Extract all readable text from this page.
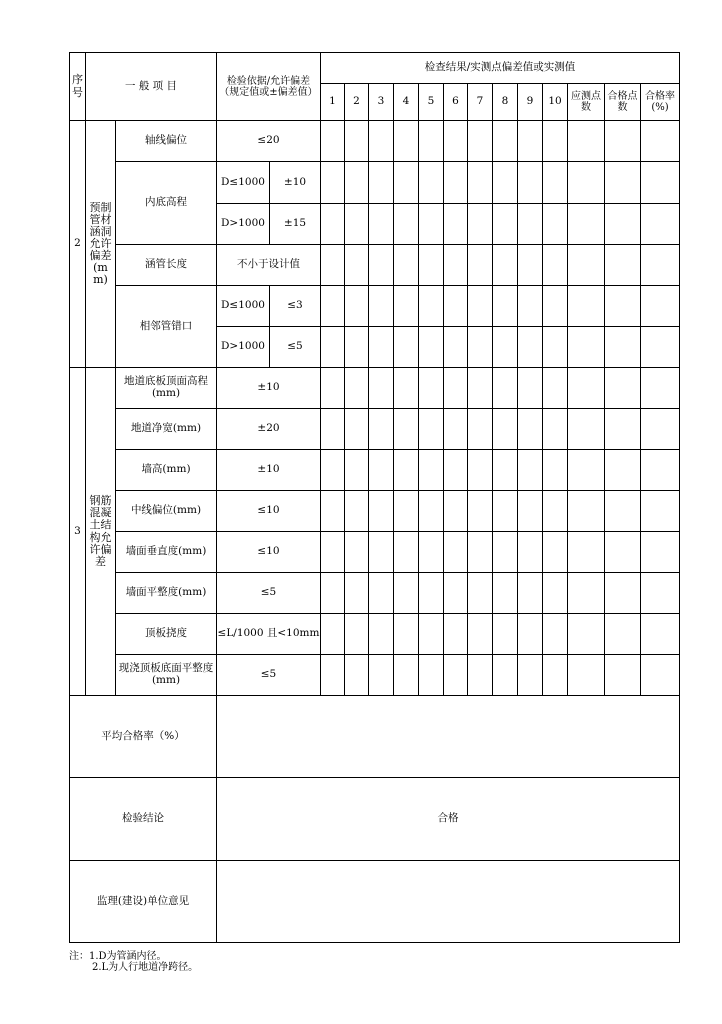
序号	一 般 项 目		检验依据/允许偏差（规定值或±偏差值）		检查结果/实测点偏差值或实测值												
					1	2	3	4	5	6	7	8	9	10	应测点数	合格点数	合格率(%)
2	预制管材涵洞允许偏差(mm)	轴线偏位	≤20														
		内底高程	D≤1000	±10													
			D>1000	±15													
		涵管长度	不小于设计值														
		相邻管错口	D≤1000	≤3													
			D>1000	≤5													
3	钢筋混凝土结构允许偏差	地道底板顶面高程(mm)	±10														
		地道净宽(mm)	±20														
		墙高(mm)	±10														
		中线偏位(mm)	≤10														
		墙面垂直度(mm)	≤10														
		墙面平整度(mm)	≤5														
		顶板挠度	≤L/1000 且<10mm														
		现浇顶板底面平整度(mm)	≤5														
平均合格率（%）																	
检验结论			合格														
监理(建设)单位意见																	
注：1.D为管涵内径。
2.L为人行地道净跨径。
